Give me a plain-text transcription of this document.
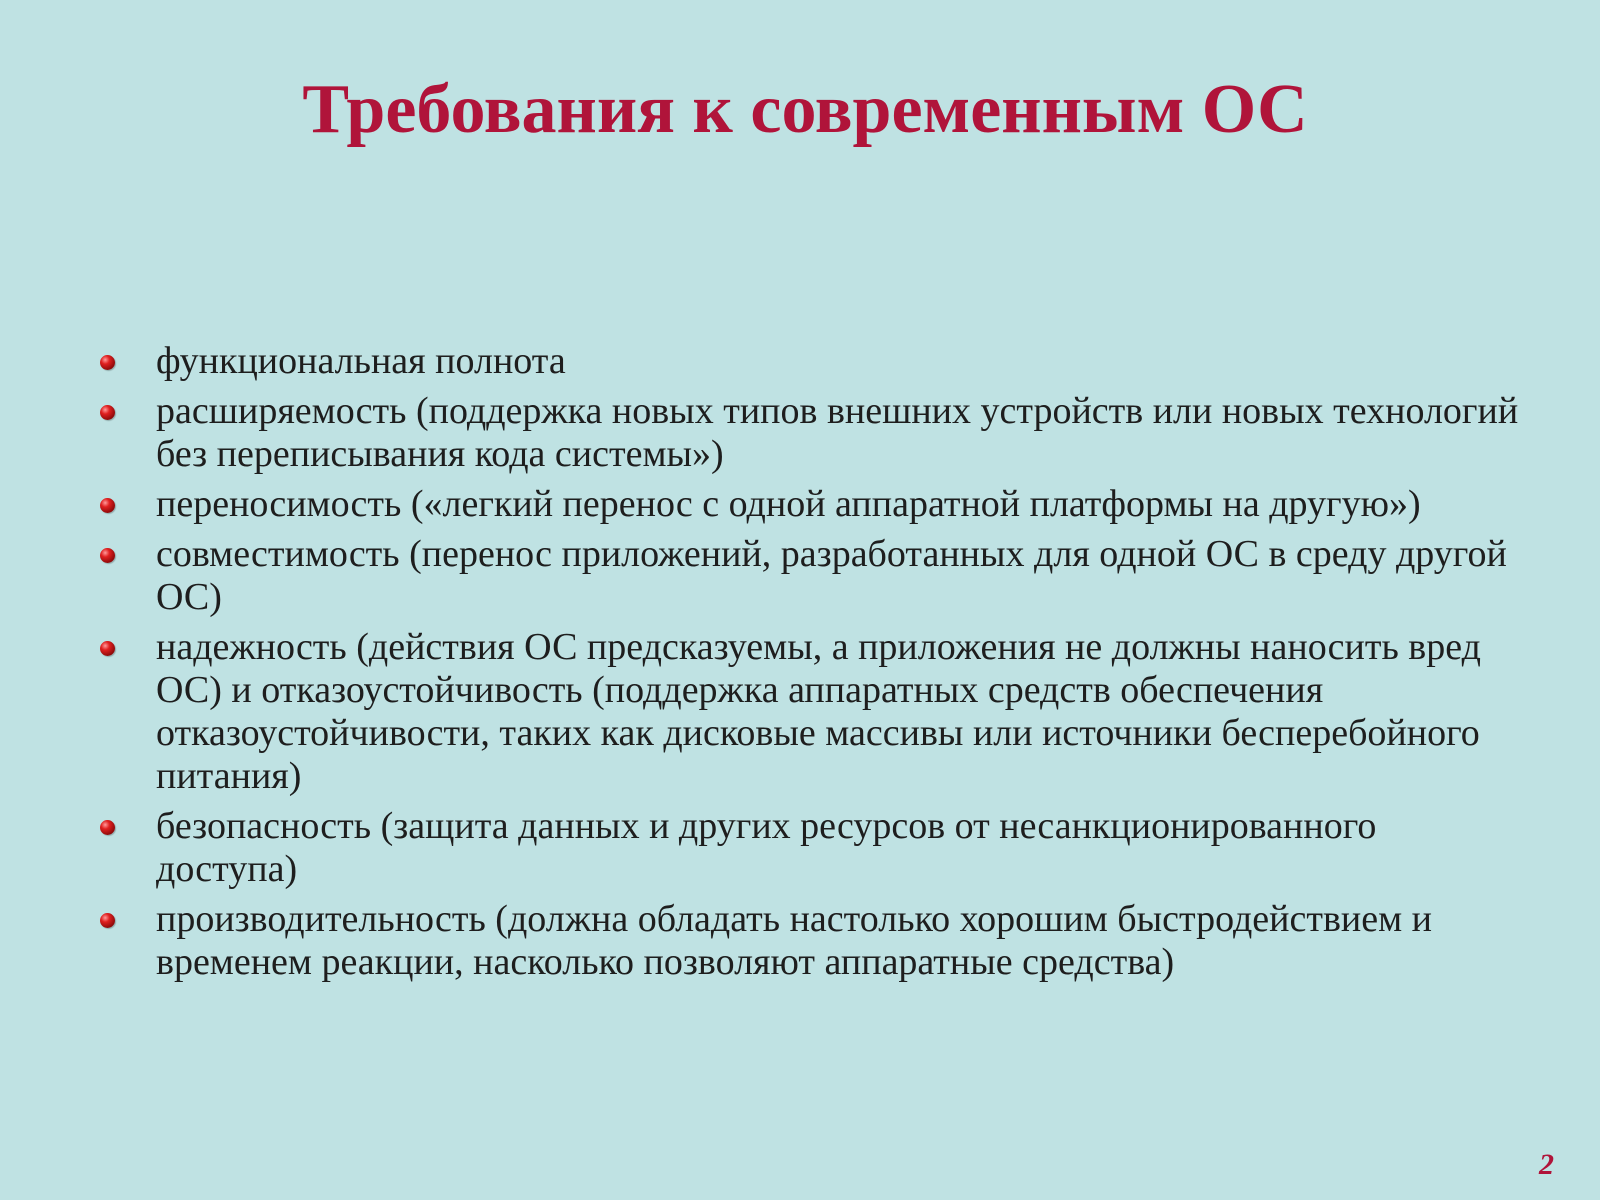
Требования к современным ОС
функциональная полнота
расширяемость (поддержка новых типов внешних устройств или новых технологий без переписывания кода системы»)
переносимость («легкий перенос с одной аппаратной платформы на другую»)
совместимость (перенос приложений, разработанных для одной ОС в среду другой ОС)
надежность (действия ОС предсказуемы, а приложения не должны наносить вред ОС) и отказоустойчивость (поддержка аппаратных средств обеспечения отказоустойчивости, таких как дисковые массивы или источники бесперебойного питания)
безопасность (защита данных и других ресурсов от несанкционированного доступа)
производительность (должна обладать настолько хорошим быстродействием и временем реакции, насколько позволяют аппаратные средства)
2
